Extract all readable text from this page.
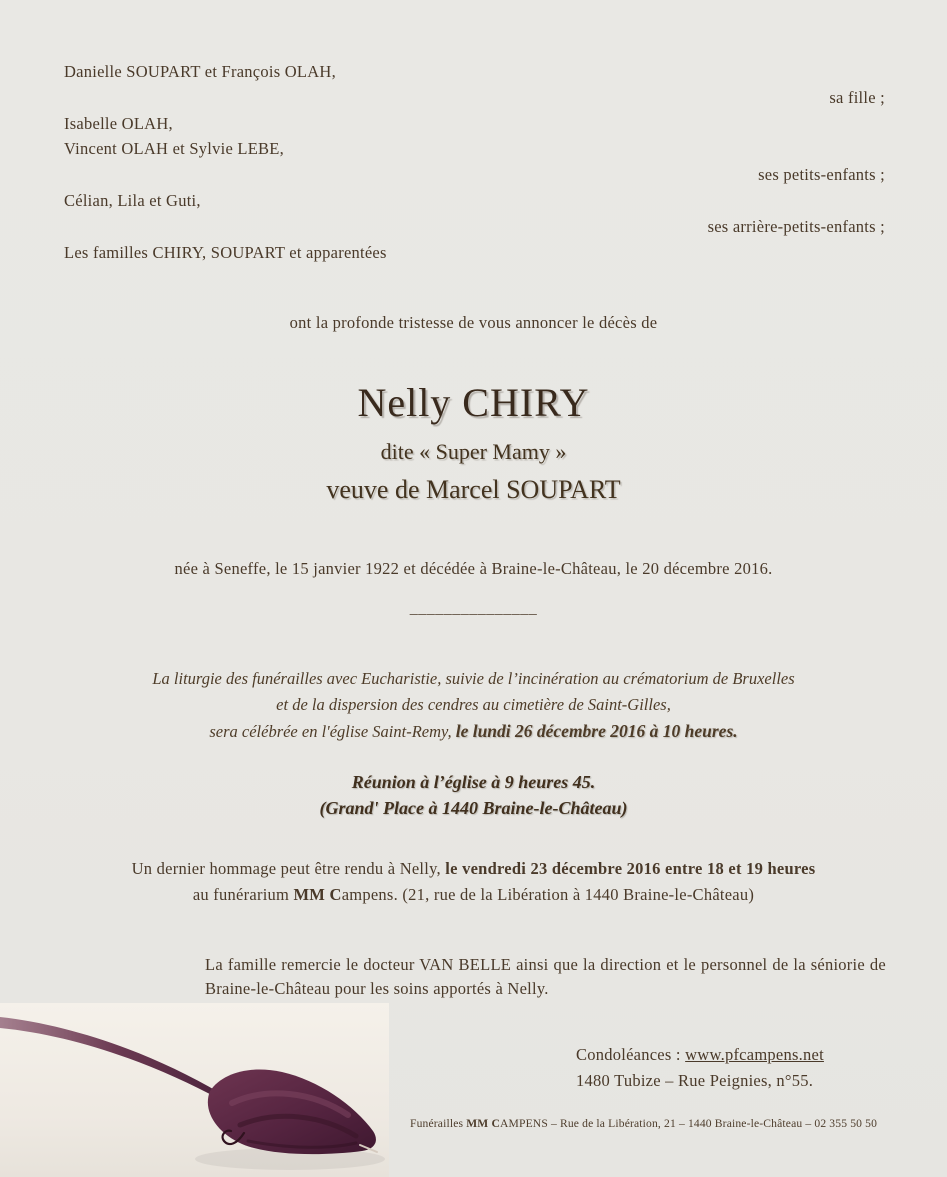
Danielle SOUPART et François OLAH,
sa fille ;
Isabelle OLAH,
Vincent OLAH et Sylvie LEBE,
ses petits-enfants ;
Célian, Lila et Guti,
ses arrière-petits-enfants ;
Les familles CHIRY, SOUPART et apparentées
ont la profonde tristesse de vous annoncer le décès de
Nelly CHIRY
dite « Super Mamy »
veuve de Marcel SOUPART
née à Seneffe, le 15 janvier 1922 et décédée à Braine-le-Château, le 20 décembre 2016.
_______________
La liturgie des funérailles avec Eucharistie, suivie de l’incinération au crématorium de Bruxelles
et de la dispersion des cendres au cimetière de Saint-Gilles,
sera célébrée en l'église Saint-Remy, le lundi 26 décembre 2016 à 10 heures.
Réunion à l’église à 9 heures 45.
(Grand' Place à 1440 Braine-le-Château)
Un dernier hommage peut être rendu à Nelly, le vendredi 23 décembre 2016 entre 18 et 19 heures
au funérarium MM Campens. (21, rue de la Libération à 1440 Braine-le-Château)
La famille remercie le docteur VAN BELLE ainsi que la direction et le personnel de la séniorie de Braine-le-Château pour les soins apportés à Nelly.
Condoléances : www.pfcampens.net
1480 Tubize – Rue Peignies, n°55.
Funérailles MM CAMPENS – Rue de la Libération, 21 – 1440 Braine-le-Château – 02 355 50 50
